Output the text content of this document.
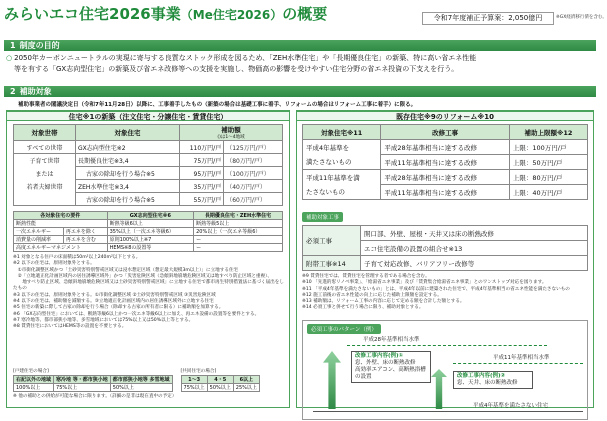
みらいエコ住宅2026事業（Me住宅2026）の概要	令和7年度補正予算案：2,050億円	※GX経済移行債を含む。
1 制度の目的
○ 2050年カーボンニュートラルの実現に寄与する良質なストック形成を図るため、「ZEH水準住宅」や「長期優良住宅」の新築、特に高い省エネ性能
等を有する「GX志向型住宅」の新築及び省エネ改修等への支援を実施し、物価高の影響を受けやすい住宅分野の省エネ投資の下支えを行う。
2 補助対象
補助事業者の閣議決定日（令和7年11月28日）以降に、工事着手したもの（新築の場合は基礎工事に着手、リフォームの場合はリフォーム工事に着手）に限る。
住宅※1の新築（注文住宅・分譲住宅・賃貸住宅）
対象世帯	対象住宅	補助額
()は1〜4地域	

すべての世帯	GX志向型住宅※2	110万円/戸	（125万円/戸）
子育て世帯	長期優良住宅※3,4	75万円/戸	（80万円/戸）
または	古家の除却を行う場合※5	95万円/戸	（100万円/戸）
若者夫婦世帯	ZEH水準住宅※3,4	35万円/戸	（40万円/戸）
	古家の除却を行う場合※5	55万円/戸	（60万円/戸）
各対象住宅の要件		GX志向型住宅※6	長期優良住宅・ZEH水準住宅
断熱性能		断熱等級6以上	断熱等級5以上
一次エネルギー	再エネを除く	35%以上（一次エネ等級6）	20%以上（一次エネ等級6）
消費量の削減率	再エネを含む	原則100%以上※7	ー
高度エネルギーマネジメント		HEMS※8の設置等	ー
※1 対象となる住戸の床面積は50m²以上240m²以下とする。
※2 以下の住宅は、原則対象外とする。
　①市街化調整区域かつ「土砂災害特別警戒区域又は浸水想定区域（想定最大規模3m以上）」に立地する住宅
　②「立地適正化計画区域内の居住誘導区域外」かつ「災害危険区域（急傾斜地崩壊危険区域又は地すべり防止区域と重複）、
　　地すべり防止区域、急傾斜地崩壊危険区域又は土砂災害特別警戒区域」に立地する住宅で都市再生特別措置法に基づく届出をしたもの
※3 以下の住宅は、原則対象外とする。①市街化調整区域 ②土砂災害特別警戒区域 ③災害危険区域
※4 以下の住宅は、補助額を減額する。③立地適正化計画区域内の居住誘導区域外に立地する住宅
※5 住宅の新築に際して古家の除却を行う場合（除却する古家の所有者に限る）に補助額を加算する。
※6 「GX志向型住宅」においては、断熱等級6以上かつ一次エネ等級6以上に加え、再エネ設備の設置等を要件とする。
※7 寒冷地等、都市部狭小地等、多雪地域においては75%以上又は50%以上等とする。
※8 賃貸住宅においてはHEMS等の設置を不要とする。
[戸建住宅の場合]
右記以外の地域	寒冷地 等・都市狭小地	都市部狭小地等 多雪地域
100%以上	75%以上	50%以上
[共同住宅の場合]
1〜3	4・5	6以上
75%以上	50%以上	25%以上
※ 他の補助との併給が可能な場合に限ります。（詳細の是非は現在査中の予定）
既存住宅※9のリフォーム※10
対象住宅※11	改修工事	補助上限額※12
平成4年基準を	平成28年基準相当に達する改修	上限：100万円/戸
満たさないもの	平成11年基準相当に達する改修	上限：50万円/戸
平成11年基準を満	平成28年基準相当に達する改修	上限：80万円/戸
たさないもの	平成11年基準相当に達する改修	上限：40万円/戸
補助対象工事
必須工事	開口部、外壁、屋根・天井又は床の断熱改修
	エコ住宅設備の設置の組合せ※13
附帯工事※14	子育て対応改修、バリアフリー改修等
※9 賃貸住宅では、賃貸住宅を管理する者である場合を含む。
※10 「先進的窓リノベ事業」、「給湯省エネ事業」及び「賃貸集合給湯省エネ事業」とのワンストップ対応を図ります。
※11 「平成4年基準を満たさないもの」とは、平成4年以前に建築された住宅で、平成4年基準相当の省エネ性能を満たさないもの
※12 施工前後の省エネ性能の向上に応じた補助上限額を設定する。
※13 補助額は、リフォーム工事の内容に応じて定める額を合計した額とする。
※14 必須工事と併せて行う場合に限り、補助対象とする。
必須工事のパターン（例）
平成28年基準相当水準
改修工事内容(例)①
窓、外壁、床の断熱改修
高効率エアコン、高断熱浴槽の設置
平成11年基準相当水準
改修工事内容(例)②
窓、天井、床の断熱改修
平成4年基準を満たさない住宅
